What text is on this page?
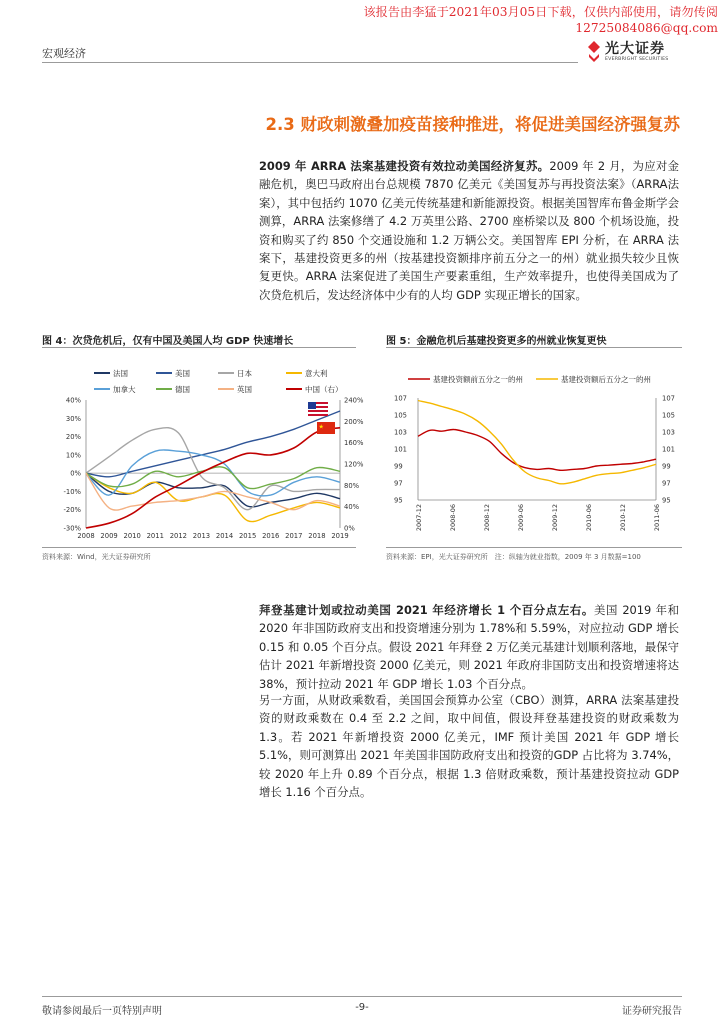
该报告由李猛于2021年03月05日下载，仅供内部使用，请勿传阅
12725084086@qq.com
宏观经济	光大证券
EVERBRIGHT SECURITIES
2.3 财政刺激叠加疫苗接种推进，将促进美国经济强复苏

2009 年 ARRA 法案基建投资有效拉动美国经济复苏。2009 年 2 月，为应对金融危机，奥巴马政府出台总规模 7870 亿美元《美国复苏与再投资法案》（ARRA法案），其中包括约 1070 亿美元传统基建和新能源投资。根据美国智库布鲁金斯学会测算，ARRA 法案修缮了 4.2 万英里公路、2700 座桥梁以及 800 个机场设施，投资和购买了约 850 个交通设施和 1.2 万辆公交。美国智库 EPI 分析，在 ARRA 法案下，基建投资更多的州（按基建投资额排序前五分之一的州）就业损失较少且恢复更快。ARRA 法案促进了美国生产要素重组，生产效率提升，也使得美国成为了次贷危机后，发达经济体中少有的人均 GDP 实现正增长的国家。

图 4：次贷危机后，仅有中国及美国人均 GDP 快速增长
法国	美国	日本	意大利
加拿大	德国	英国	中国（右）
-30%
-20%
-10%
0%
10%
20%
30%
40%
0%
40%
80%
120%
160%
200%
240%
2008 2009 2010 2011 2012 2013 2014 2015 2016 2017 2018 2019
★
资料来源：Wind，光大证券研究所
图 5：金融危机后基建投资更多的州就业恢复更快
基建投资额前五分之一的州	基建投资额后五分之一的州
95	95
97	97
99	99
101	101
103	103
105	105
107	107
2007-12	2008-06	2008-12	2009-06	2009-12	2010-06	2010-12	2011-06
资料来源：EPI，光大证券研究所　注：纵轴为就业指数，2009 年 3 月数据=100

拜登基建计划或拉动美国 2021 年经济增长 1 个百分点左右。美国 2019 年和 2020 年非国防政府支出和投资增速分别为 1.78%和 5.59%，对应拉动 GDP 增长 0.15 和 0.05 个百分点。假设 2021 年拜登 2 万亿美元基建计划顺利落地，最保守估计 2021 年新增投资 2000 亿美元，则 2021 年政府非国防支出和投资增速将达 38%，预计拉动 2021 年 GDP 增长 1.03 个百分点。

另一方面，从财政乘数看，美国国会预算办公室（CBO）测算，ARRA 法案基建投资的财政乘数在 0.4 至 2.2 之间，取中间值，假设拜登基建投资的财政乘数为 1.3。若 2021 年新增投资 2000 亿美元，IMF 预计美国 2021 年 GDP 增长 5.1%，则可测算出 2021 年美国非国防政府支出和投资的GDP 占比将为 3.74%，较 2020 年上升 0.89 个百分点，根据 1.3 倍财政乘数，预计基建投资拉动 GDP 增长 1.16 个百分点。

敬请参阅最后一页特别声明	-9-	证券研究报告
